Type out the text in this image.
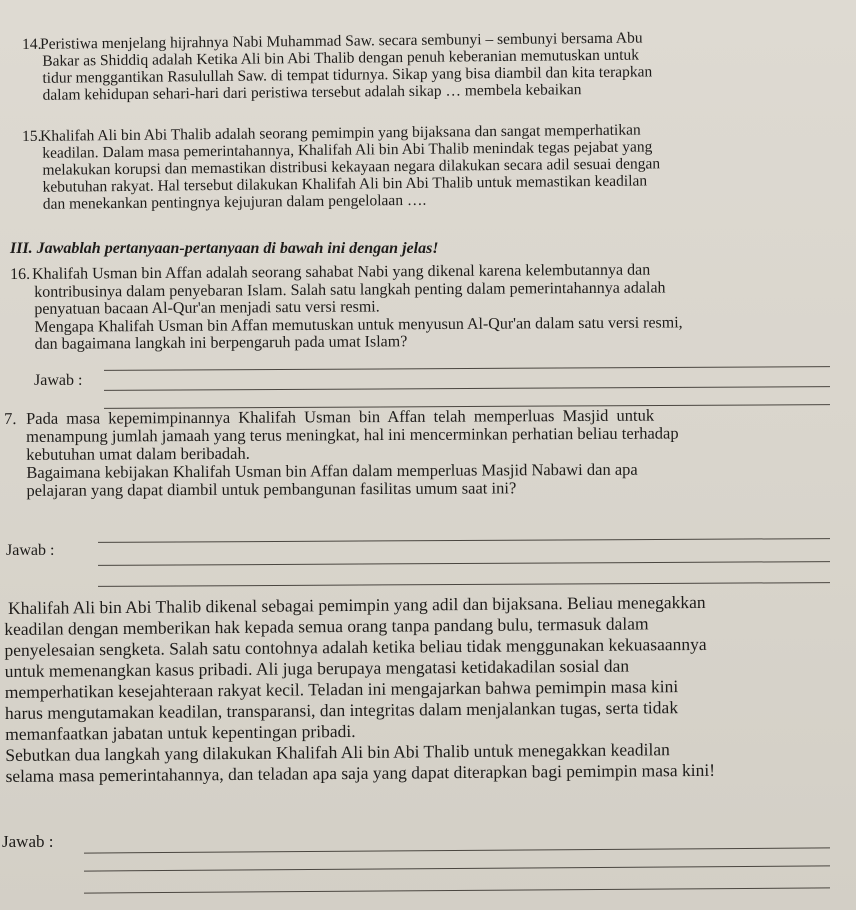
14.Peristiwa menjelang hijrahnya Nabi Muhammad Saw. secara sembunyi – sembunyi bersama Abu

Bakar as Shiddiq adalah Ketika Ali bin Abi Thalib dengan penuh keberanian memutuskan untuk

tidur menggantikan Rasulullah Saw. di tempat tidurnya. Sikap yang bisa diambil dan kita terapkan

dalam kehidupan sehari-hari dari peristiwa tersebut adalah sikap … membela kebaikan

15.Khalifah Ali bin Abi Thalib adalah seorang pemimpin yang bijaksana dan sangat memperhatikan

keadilan. Dalam masa pemerintahannya, Khalifah Ali bin Abi Thalib menindak tegas pejabat yang

melakukan korupsi dan memastikan distribusi kekayaan negara dilakukan secara adil sesuai dengan

kebutuhan rakyat. Hal tersebut dilakukan Khalifah Ali bin Abi Thalib untuk memastikan keadilan

dan menekankan pentingnya kejujuran dalam pengelolaan ….

III. Jawablah pertanyaan-pertanyaan di bawah ini dengan jelas!

16. Khalifah Usman bin Affan adalah seorang sahabat Nabi yang dikenal karena kelembutannya dan

kontribusinya dalam penyebaran Islam. Salah satu langkah penting dalam pemerintahannya adalah

penyatuan bacaan Al-Qur'an menjadi satu versi resmi.

Mengapa Khalifah Usman bin Affan memutuskan untuk menyusun Al-Qur'an dalam satu versi resmi,

dan bagaimana langkah ini berpengaruh pada umat Islam?

Jawab :

7. Pada masa kepemimpinannya Khalifah Usman bin Affan telah memperluas Masjid untuk

menampung jumlah jamaah yang terus meningkat, hal ini mencerminkan perhatian beliau terhadap

kebutuhan umat dalam beribadah.

Bagaimana kebijakan Khalifah Usman bin Affan dalam memperluas Masjid Nabawi dan apa

pelajaran yang dapat diambil untuk pembangunan fasilitas umum saat ini?

Jawab :

Khalifah Ali bin Abi Thalib dikenal sebagai pemimpin yang adil dan bijaksana. Beliau menegakkan

keadilan dengan memberikan hak kepada semua orang tanpa pandang bulu, termasuk dalam

penyelesaian sengketa. Salah satu contohnya adalah ketika beliau tidak menggunakan kekuasaannya

untuk memenangkan kasus pribadi. Ali juga berupaya mengatasi ketidakadilan sosial dan

memperhatikan kesejahteraan rakyat kecil. Teladan ini mengajarkan bahwa pemimpin masa kini

harus mengutamakan keadilan, transparansi, dan integritas dalam menjalankan tugas, serta tidak

memanfaatkan jabatan untuk kepentingan pribadi.

Sebutkan dua langkah yang dilakukan Khalifah Ali bin Abi Thalib untuk menegakkan keadilan

selama masa pemerintahannya, dan teladan apa saja yang dapat diterapkan bagi pemimpin masa kini!

Jawab :
